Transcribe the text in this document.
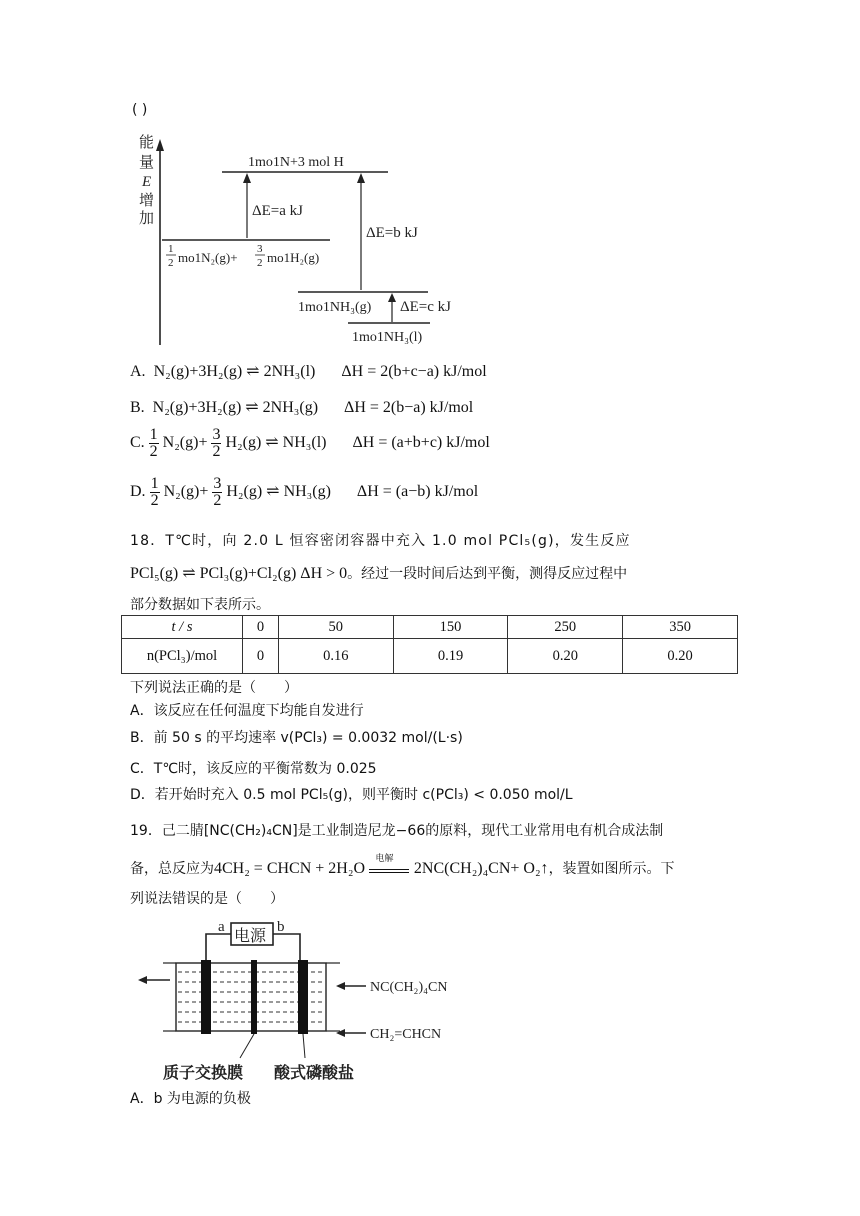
( )
能
量
E
增
加
1mo1N+3 mol H
1
2 mo1N₂(g)+
3
2 mo1H₂(g)
ΔE=a kJ
ΔE=b kJ
1mo1NH₃(g) ΔE=c kJ
1mo1NH₃(l)
A. N₂(g)+3H₂(g) ⇌ 2NH₃(l) ΔH = 2(b+c−a) kJ/mol
B. N₂(g)+3H₂(g) ⇌ 2NH₃(g) ΔH = 2(b−a) kJ/mol
C. $\frac{1}{2} N_2(g)+ \frac{3}{2} H_2(g)$ ⇌ NH₃(l) ΔH = (a+b+c) kJ/mol
D. $\frac{1}{2} N_2(g)+ \frac{3}{2} H_2(g)$ ⇌ NH₃(g) ΔH = (a−b) kJ/mol
18．T℃时，向 2.0 L 恒容密闭容器中充入 1.0 mol PCl₅(g)，发生反应
PCl₅(g) ⇌ PCl₃(g)+Cl₂(g) ΔH > 0。经过一段时间后达到平衡，测得反应过程中
部分数据如下表所示。
t / s	0	50	150	250	350
n(PCl₃)/mol	0	0.16	0.19	0.20	0.20
下列说法正确的是（　　）
A．该反应在任何温度下均能自发进行
B．前 50 s 的平均速率 v(PCl₃) = 0.0032 mol/(L·s)
C．T℃时，该反应的平衡常数为 0.025
D．若开始时充入 0.5 mol PCl₅(g)，则平衡时 c(PCl₃) < 0.050 mol/L
19．己二腈[NC(CH₂)₄CN]是工业制造尼龙−66的原料，现代工业常用电有机合成法制
备，总反应为4CH₂ = CHCN + 2H₂O
电解
2NC(CH₂)₄CN+ O₂↑，装置如图所示。下
列说法错误的是（　　）
电源
a	b
NC(CH₂)₄CN
CH₂=CHCN
质子交换膜 酸式磷酸盐
A．b 为电源的负极
